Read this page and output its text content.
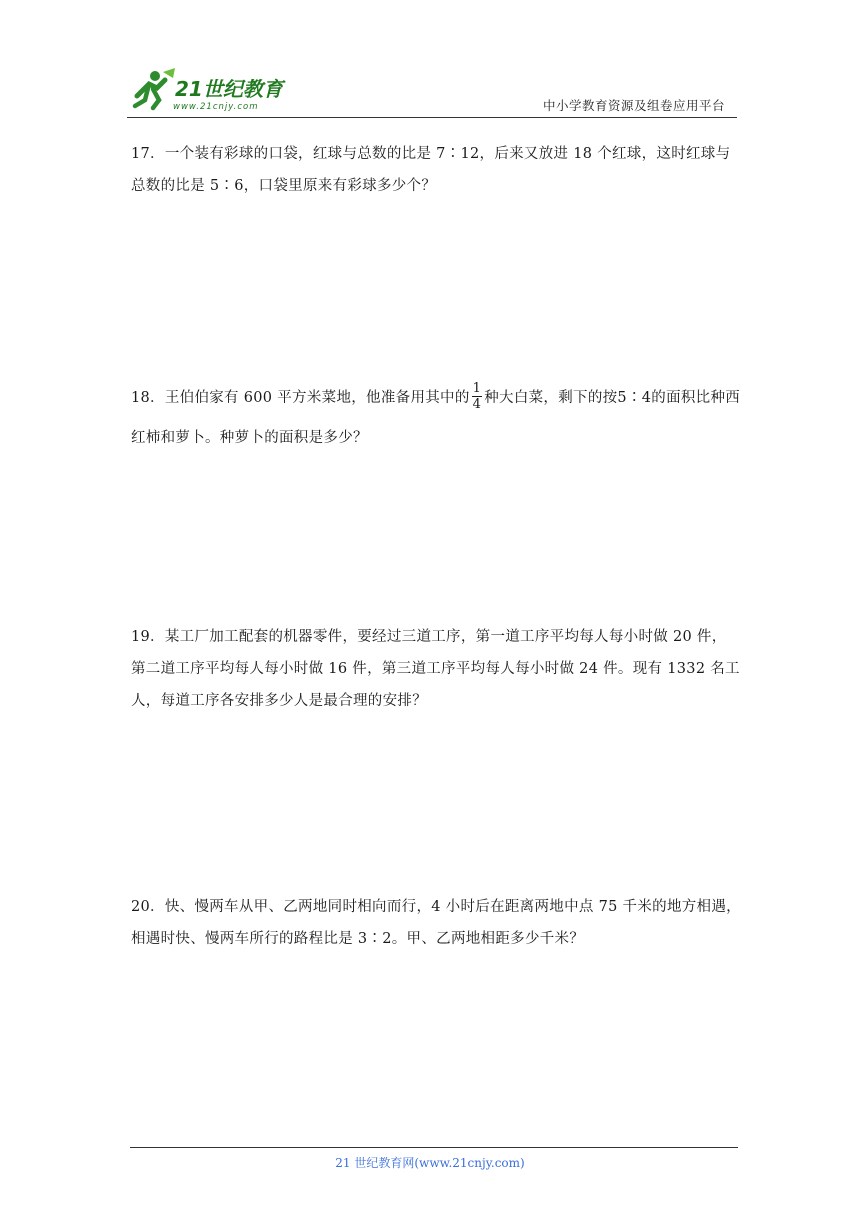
21世纪教育
www.21cnjy.com	中小学教育资源及组卷应用平台
17．一个装有彩球的口袋，红球与总数的比是 7∶12，后来又放进 18 个红球，这时红球与
总数的比是 5∶6，口袋里原来有彩球多少个？
18．王伯伯家有 600 平方米菜地，他准备用其中的 $\frac{1}{4}$ 种大白菜，剩下的按5∶4的面积比种西
红柿和萝卜。种萝卜的面积是多少？
19．某工厂加工配套的机器零件，要经过三道工序，第一道工序平均每人每小时做 20 件，
第二道工序平均每人每小时做 16 件，第三道工序平均每人每小时做 24 件。现有 1332 名工
人，每道工序各安排多少人是最合理的安排？
20．快、慢两车从甲、乙两地同时相向而行，4 小时后在距离两地中点 75 千米的地方相遇，
相遇时快、慢两车所行的路程比是 3∶2。甲、乙两地相距多少千米？
21 世纪教育网(www.21cnjy.com)
